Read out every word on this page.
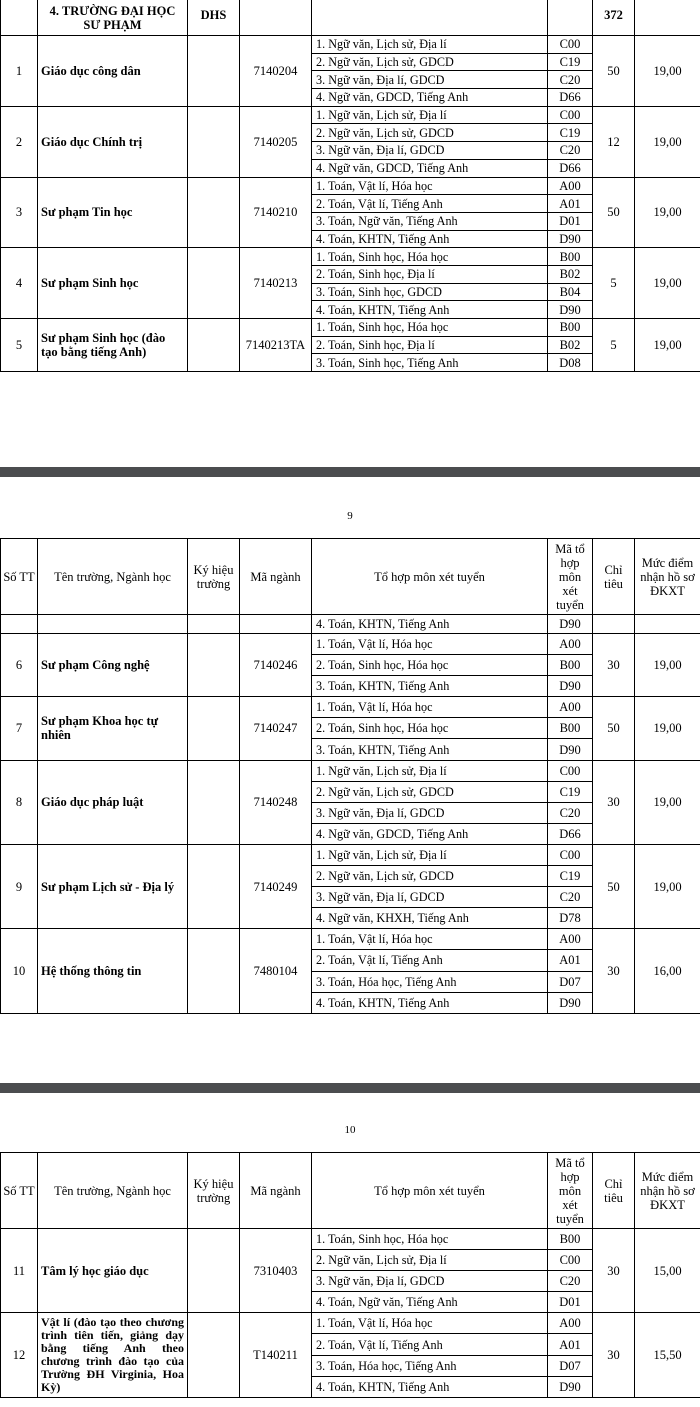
	4. TRƯỜNG ĐẠI HỌC SƯ PHẠM	DHS				372	
1	Giáo dục công dân		7140204	1. Ngữ văn, Lịch sử, Địa lí	C00	50	19,00
				2. Ngữ văn, Lịch sử, GDCD	C19		
				3. Ngữ văn, Địa lí, GDCD	C20		
				4. Ngữ văn, GDCD, Tiếng Anh	D66		
2	Giáo dục Chính trị		7140205	1. Ngữ văn, Lịch sử, Địa lí	C00	12	19,00
				2. Ngữ văn, Lịch sử, GDCD	C19		
				3. Ngữ văn, Địa lí, GDCD	C20		
				4. Ngữ văn, GDCD, Tiếng Anh	D66		
3	Sư phạm Tin học		7140210	1. Toán, Vật lí, Hóa học	A00	50	19,00
				2. Toán, Vật lí, Tiếng Anh	A01		
				3. Toán, Ngữ văn, Tiếng Anh	D01		
				4. Toán, KHTN, Tiếng Anh	D90		
4	Sư phạm Sinh học		7140213	1. Toán, Sinh học, Hóa học	B00	5	19,00
				2. Toán, Sinh học, Địa lí	B02		
				3. Toán, Sinh học, GDCD	B04		
				4. Toán, KHTN, Tiếng Anh	D90		
5	Sư phạm Sinh học (đào tạo bằng tiếng Anh)		7140213TA	1. Toán, Sinh học, Hóa học	B00	5	19,00
				2. Toán, Sinh học, Địa lí	B02		
				3. Toán, Sinh học, Tiếng Anh	D08		
9
Số TT	Tên trường, Ngành học	Ký hiệu trường	Mã ngành	Tổ hợp môn xét tuyển	Mã tổ hợp môn xét tuyển	Chỉ tiêu	Mức điểm nhận hồ sơ ĐKXT
				4. Toán, KHTN, Tiếng Anh	D90		
6	Sư phạm Công nghệ		7140246	1. Toán, Vật lí, Hóa học	A00	30	19,00
				2. Toán, Sinh học, Hóa học	B00		
				3. Toán, KHTN, Tiếng Anh	D90		
7	Sư phạm Khoa học tự nhiên		7140247	1. Toán, Vật lí, Hóa học	A00	50	19,00
				2. Toán, Sinh học, Hóa học	B00		
				3. Toán, KHTN, Tiếng Anh	D90		
8	Giáo dục pháp luật		7140248	1. Ngữ văn, Lịch sử, Địa lí	C00	30	19,00
				2. Ngữ văn, Lịch sử, GDCD	C19		
				3. Ngữ văn, Địa lí, GDCD	C20		
				4. Ngữ văn, GDCD, Tiếng Anh	D66		
9	Sư phạm Lịch sử - Địa lý		7140249	1. Ngữ văn, Lịch sử, Địa lí	C00	50	19,00
				2. Ngữ văn, Lịch sử, GDCD	C19		
				3. Ngữ văn, Địa lí, GDCD	C20		
				4. Ngữ văn, KHXH, Tiếng Anh	D78		
10	Hệ thống thông tin		7480104	1. Toán, Vật lí, Hóa học	A00	30	16,00
				2. Toán, Vật lí, Tiếng Anh	A01		
				3. Toán, Hóa học, Tiếng Anh	D07		
				4. Toán, KHTN, Tiếng Anh	D90		
10
Số TT	Tên trường, Ngành học	Ký hiệu trường	Mã ngành	Tổ hợp môn xét tuyển	Mã tổ hợp môn xét tuyển	Chỉ tiêu	Mức điểm nhận hồ sơ ĐKXT
11	Tâm lý học giáo dục		7310403	1. Toán, Sinh học, Hóa học	B00	30	15,00
				2. Ngữ văn, Lịch sử, Địa lí	C00		
				3. Ngữ văn, Địa lí, GDCD	C20		
				4. Toán, Ngữ văn, Tiếng Anh	D01		
12	Vật lí (đào tạo theo chương trình tiên tiến, giảng dạy bằng tiếng Anh theo chương trình đào tạo của Trường ĐH Virginia, Hoa Kỳ)		T140211	1. Toán, Vật lí, Hóa học	A00	30	15,50
				2. Toán, Vật lí, Tiếng Anh	A01		
				3. Toán, Hóa học, Tiếng Anh	D07		
				4. Toán, KHTN, Tiếng Anh	D90		
